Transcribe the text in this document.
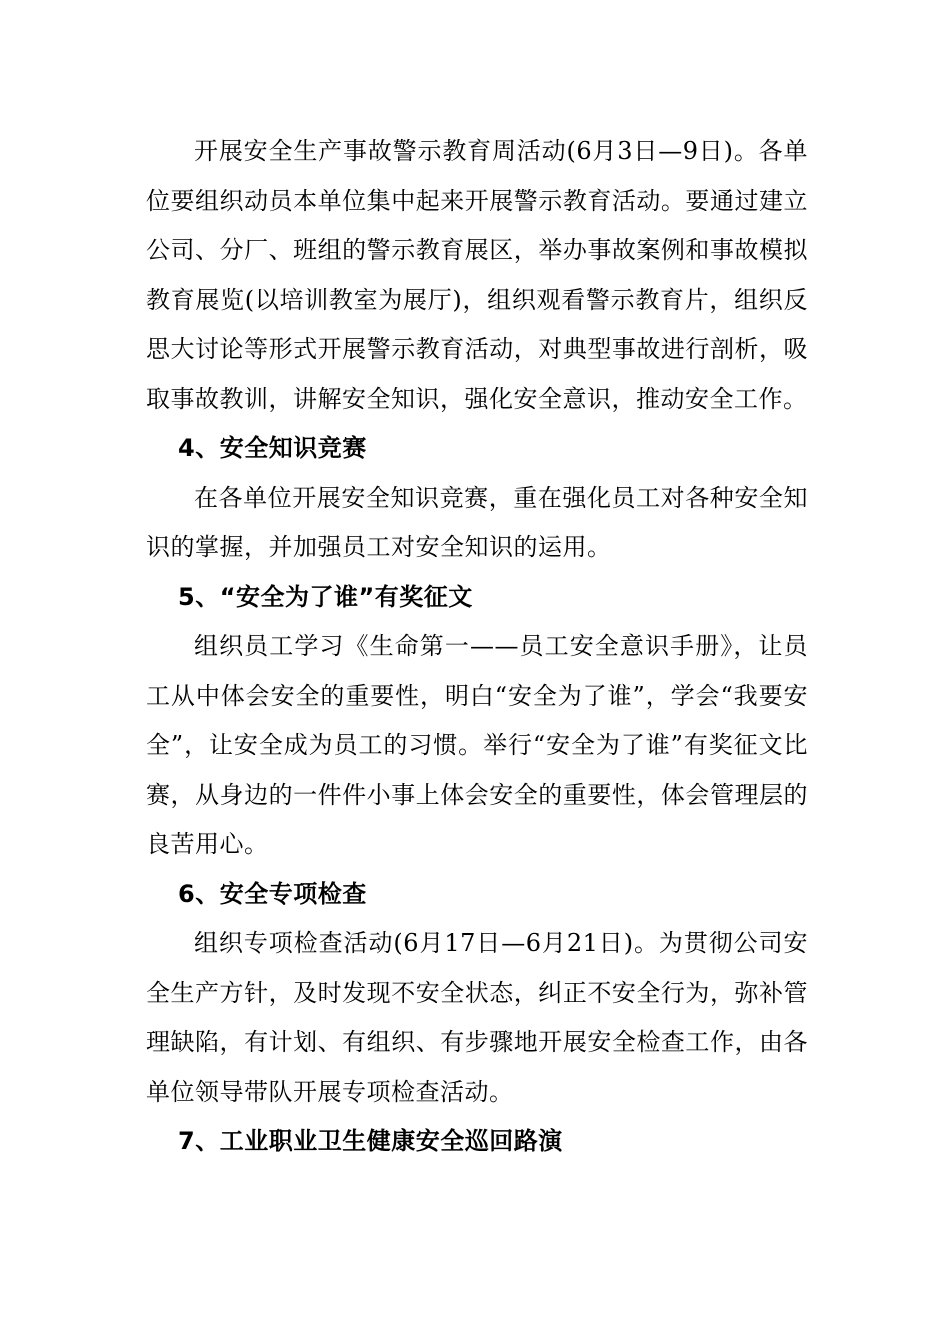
开展安全生产事故警示教育周活动(6月3日—9日)。各单位要组织动员本单位集中起来开展警示教育活动。要通过建立公司、分厂、班组的警示教育展区，举办事故案例和事故模拟教育展览(以培训教室为展厅)，组织观看警示教育片，组织反思大讨论等形式开展警示教育活动，对典型事故进行剖析，吸取事故教训，讲解安全知识，强化安全意识，推动安全工作。

4、安全知识竞赛

在各单位开展安全知识竞赛，重在强化员工对各种安全知识的掌握，并加强员工对安全知识的运用。

5、“安全为了谁”有奖征文

组织员工学习《生命第一——员工安全意识手册》，让员工从中体会安全的重要性，明白“安全为了谁”，学会“我要安全”，让安全成为员工的习惯。举行“安全为了谁”有奖征文比赛，从身边的一件件小事上体会安全的重要性，体会管理层的良苦用心。

6、安全专项检查

组织专项检查活动(6月17日—6月21日)。为贯彻公司安全生产方针，及时发现不安全状态，纠正不安全行为，弥补管理缺陷，有计划、有组织、有步骤地开展安全检查工作，由各单位领导带队开展专项检查活动。

7、工业职业卫生健康安全巡回路演
